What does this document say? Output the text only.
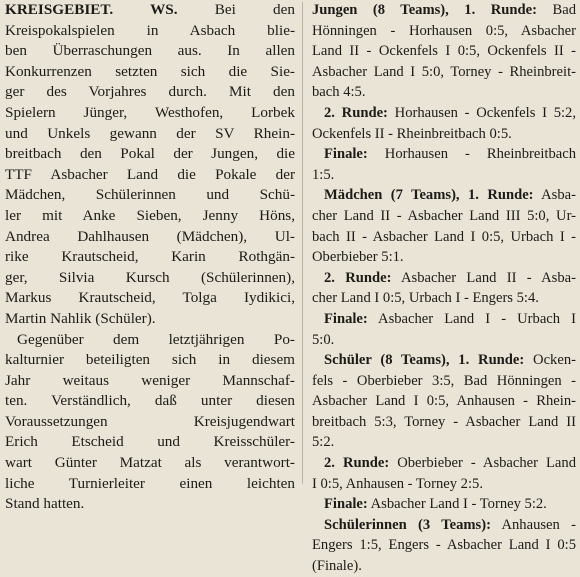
KREISGEBIET. WS. Bei den
Kreispokalspielen in Asbach blie-
ben Überraschungen aus. In allen
Konkurrenzen setzten sich die Sie-
ger des Vorjahres durch. Mit den
Spielern Jünger, Westhofen, Lorbek
und Unkels gewann der SV Rhein-
breitbach den Pokal der Jungen, die
TTF Asbacher Land die Pokale der
Mädchen, Schülerinnen und Schü-
ler mit Anke Sieben, Jenny Höns,
Andrea Dahlhausen (Mädchen), Ul-
rike Krautscheid, Karin Rothgän-
ger, Silvia Kursch (Schülerinnen),
Markus Krautscheid, Tolga Iydikici,
Martin Nahlik (Schüler).
Gegenüber dem letztjährigen Po-
kalturnier beteiligten sich in diesem
Jahr weitaus weniger Mannschaf-
ten. Verständlich, daß unter diesen
Voraussetzungen Kreisjugendwart
Erich Etscheid und Kreisschüler-
wart Günter Matzat als verantwort-
liche Turnierleiter einen leichten
Stand hatten.
Jungen (8 Teams), 1. Runde: Bad
Hönningen - Horhausen 0:5, Asbacher
Land II - Ockenfels I 0:5, Ockenfels II -
Asbacher Land I 5:0, Torney - Rheinbreit-
bach 4:5.
2. Runde: Horhausen - Ockenfels I 5:2,
Ockenfels II - Rheinbreitbach 0:5.
Finale: Horhausen - Rheinbreitbach
1:5.
Mädchen (7 Teams), 1. Runde: Asba-
cher Land II - Asbacher Land III 5:0, Ur-
bach II - Asbacher Land I 0:5, Urbach I -
Oberbieber 5:1.
2. Runde: Asbacher Land II - Asba-
cher Land I 0:5, Urbach I - Engers 5:4.
Finale: Asbacher Land I - Urbach I
5:0.
Schüler (8 Teams), 1. Runde: Ocken-
fels - Oberbieber 3:5, Bad Hönningen -
Asbacher Land I 0:5, Anhausen - Rhein-
breitbach 5:3, Torney - Asbacher Land II
5:2.
2. Runde: Oberbieber - Asbacher Land
I 0:5, Anhausen - Torney 2:5.
Finale: Asbacher Land I - Torney 5:2.
Schülerinnen (3 Teams): Anhausen -
Engers 1:5, Engers - Asbacher Land I 0:5
(Finale).
